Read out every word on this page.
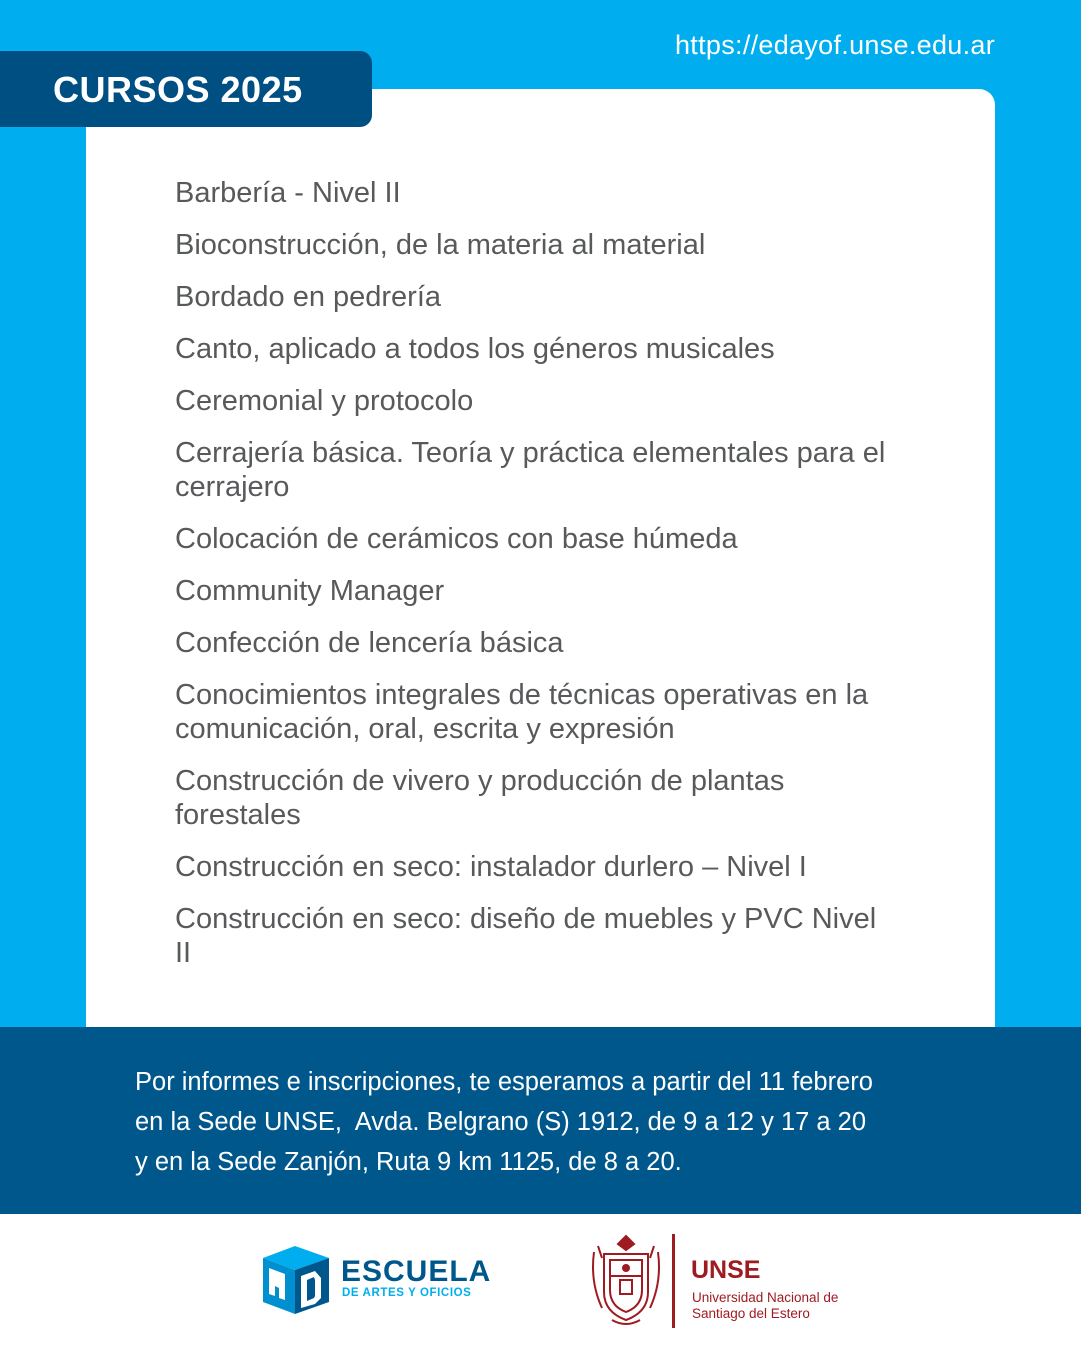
https://edayof.unse.edu.ar
CURSOS 2025
Barbería - Nivel II
Bioconstrucción, de la materia al material
Bordado en pedrería
Canto, aplicado a todos los géneros musicales
Ceremonial y protocolo
Cerrajería básica. Teoría y práctica elementales para el cerrajero
Colocación de cerámicos con base húmeda
Community Manager
Confección de lencería básica
Conocimientos integrales de técnicas operativas en la comunicación, oral, escrita y expresión
Construcción de vivero y producción de plantas forestales
Construcción en seco: instalador durlero – Nivel I
Construcción en seco: diseño de muebles y PVC Nivel II

Por informes e inscripciones, te esperamos a partir del 11 febrero
en la Sede UNSE,  Avda. Belgrano (S) 1912, de 9 a 12 y 17 a 20
y en la Sede Zanjón, Ruta 9 km 1125, de 8 a 20.

ESCUELA
DE ARTES Y OFICIOS
UNSE
Universidad Nacional de Santiago del Estero
